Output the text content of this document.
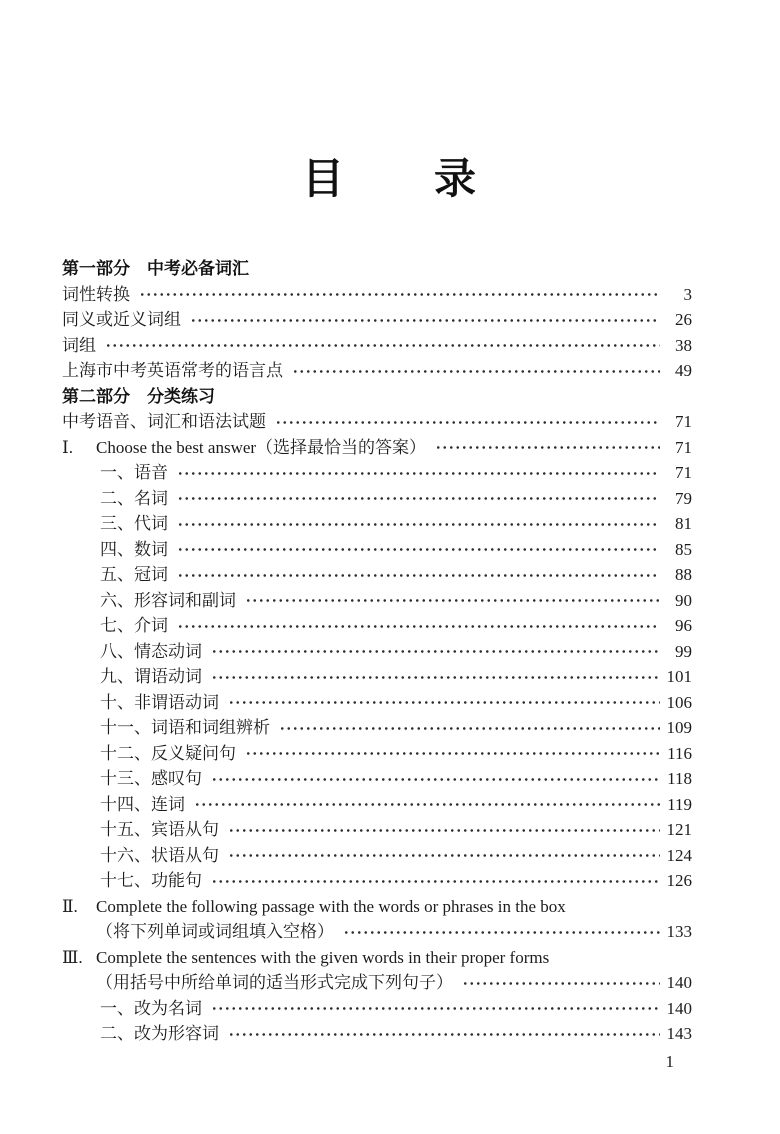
目　　录
第一部分　中考必备词汇
词性转换	3
同义或近义词组	26
词组	38
上海市中考英语常考的语言点	49
第二部分　分类练习
中考语音、词汇和语法试题	71
Ⅰ.	Choose the best answer（选择最恰当的答案）	71
一、语音	71
二、名词	79
三、代词	81
四、数词	85
五、冠词	88
六、形容词和副词	90
七、介词	96
八、情态动词	99
九、谓语动词	101
十、非谓语动词	106
十一、词语和词组辨析	109
十二、反义疑问句	116
十三、感叹句	118
十四、连词	119
十五、宾语从句	121
十六、状语从句	124
十七、功能句	126
Ⅱ.	Complete the following passage with the words or phrases in the box
（将下列单词或词组填入空格）	133
Ⅲ. Complete the sentences with the given words in their proper forms
（用括号中所给单词的适当形式完成下列句子）	140
一、改为名词	140
二、改为形容词	143
1
